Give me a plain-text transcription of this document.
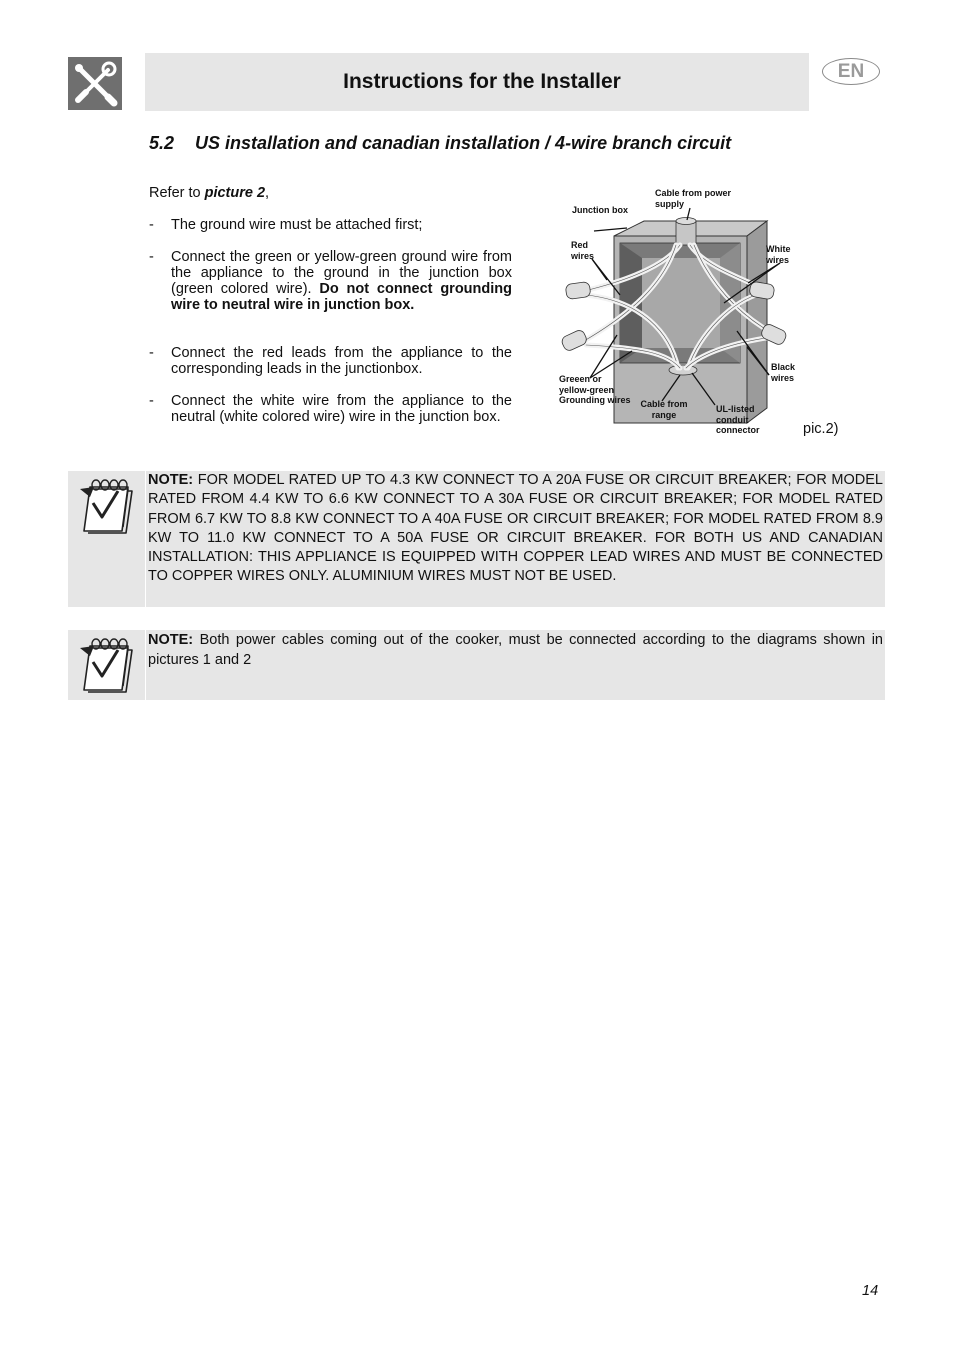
Instructions for the Installer	EN
5.2 US installation and canadian installation / 4-wire branch circuit
Refer to picture 2,
- The ground wire must be attached first;
- Connect the green or yellow-green ground wire from the appliance to the ground in the junction box (green colored wire). Do not connect grounding wire to neutral wire in junction box.
- Connect the red leads from the appliance to the corresponding leads in the junctionbox.
- Connect the white wire from the appliance to the neutral (white colored wire) wire in the junction box.
Junction box
Cable from power supply
Red wires
White wires
Black wires
Greeen or yellow-green Grounding wires	Cable from range
UL-listed conduit connector	pic.2)
NOTE: FOR MODEL RATED UP TO 4.3 KW CONNECT TO A 20A FUSE OR CIRCUIT BREAKER; FOR MODEL RATED FROM 4.4 KW TO 6.6 KW CONNECT TO A 30A FUSE OR CIRCUIT BREAKER; FOR MODEL RATED FROM 6.7 KW TO 8.8 KW CONNECT TO A 40A FUSE OR CIRCUIT BREAKER; FOR MODEL RATED FROM 8.9 KW TO 11.0 KW CONNECT TO A 50A FUSE OR CIRCUIT BREAKER. FOR BOTH US AND CANADIAN INSTALLATION: THIS APPLIANCE IS EQUIPPED WITH COPPER LEAD WIRES AND MUST BE CONNECTED TO COPPER WIRES ONLY. ALUMINIUM WIRES MUST NOT BE USED.
NOTE: Both power cables coming out of the cooker, must be connected according to the diagrams shown in pictures 1 and 2
14
